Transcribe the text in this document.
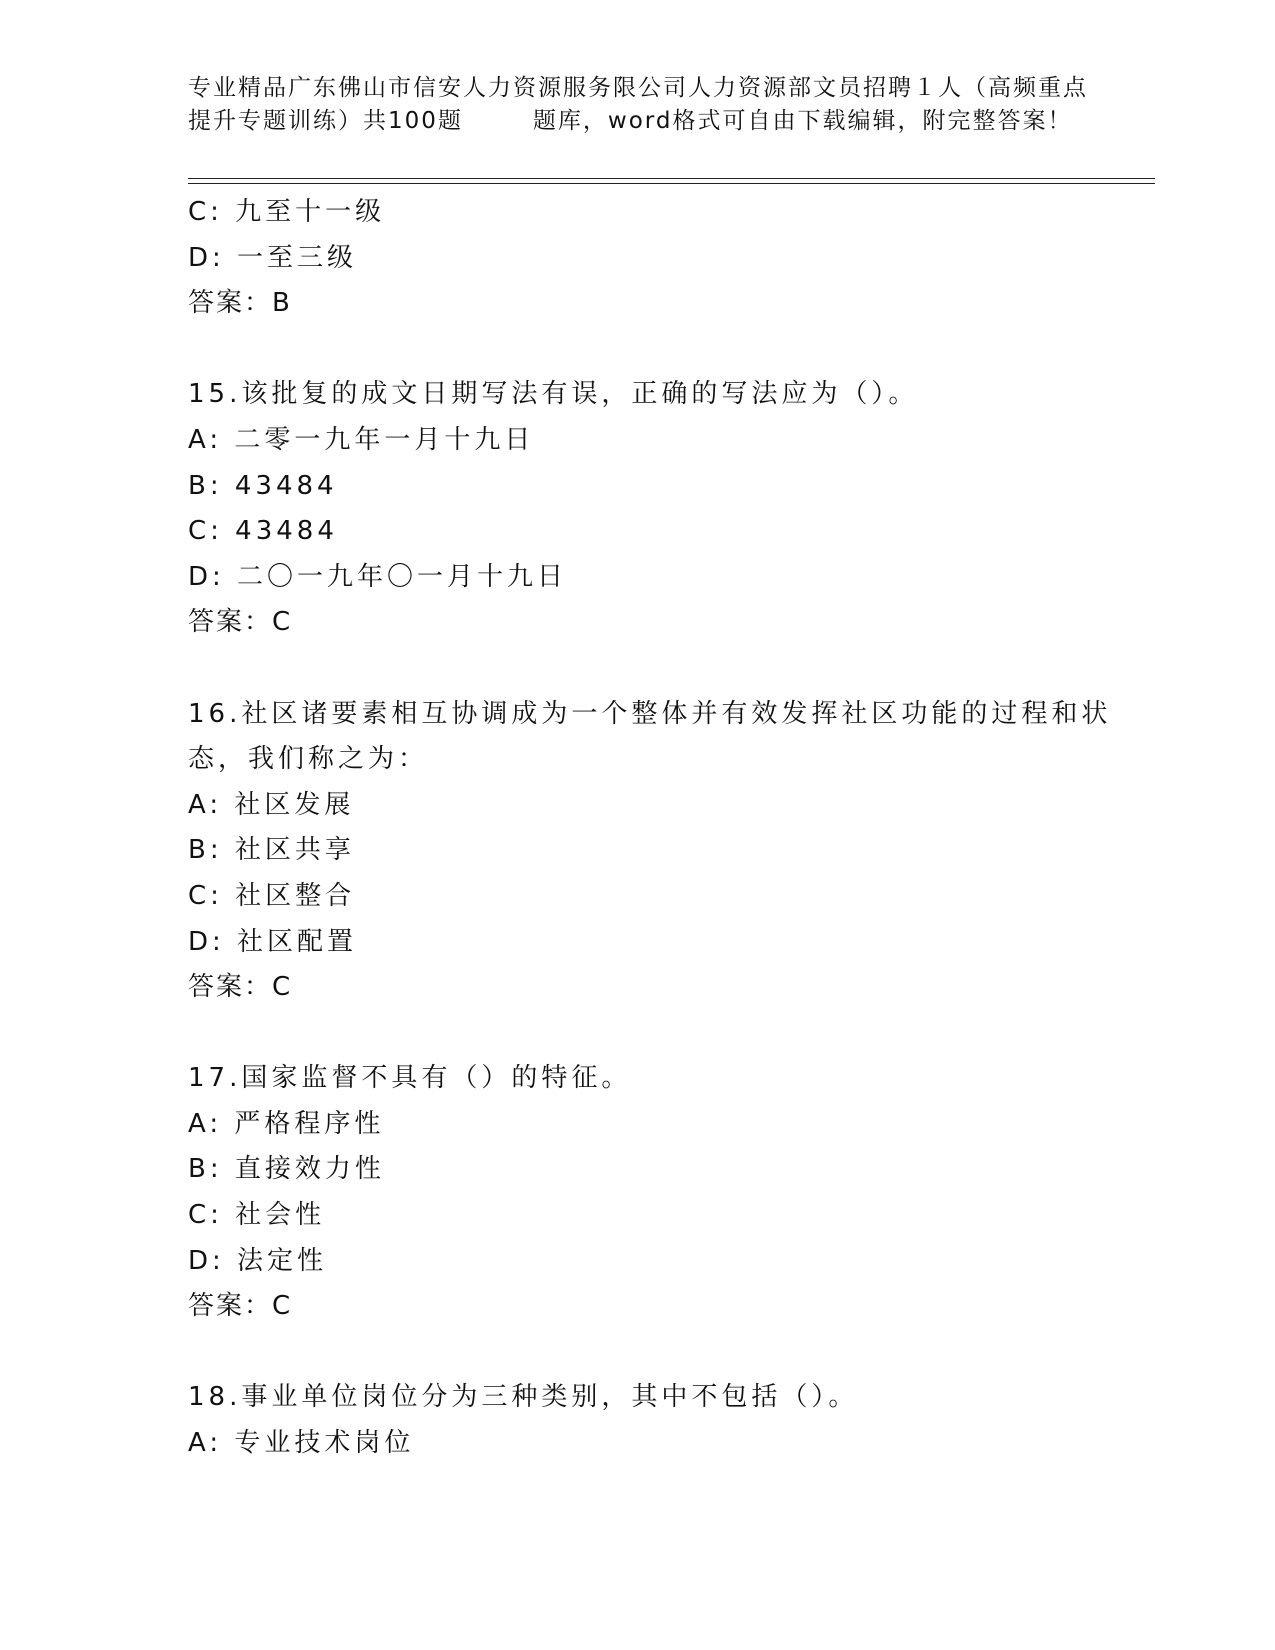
专业精品广东佛山市信安人力资源服务限公司人力资源部文员招聘１人（高频重点
提升专题训练）共100题	题库，word格式可自由下载编辑，附完整答案！
C: 九至十一级
D: 一至三级
答案：B
15.该批复的成文日期写法有误，正确的写法应为（）。
A: 二零一九年一月十九日
B: 43484
C: 43484
D: 二〇一九年〇一月十九日
答案：C
16.社区诸要素相互协调成为一个整体并有效发挥社区功能的过程和状
态，我们称之为：
A: 社区发展
B: 社区共享
C: 社区整合
D: 社区配置
答案：C
17.国家监督不具有（）的特征。
A: 严格程序性
B: 直接效力性
C: 社会性
D: 法定性
答案：C
18.事业单位岗位分为三种类别，其中不包括（）。
A: 专业技术岗位
